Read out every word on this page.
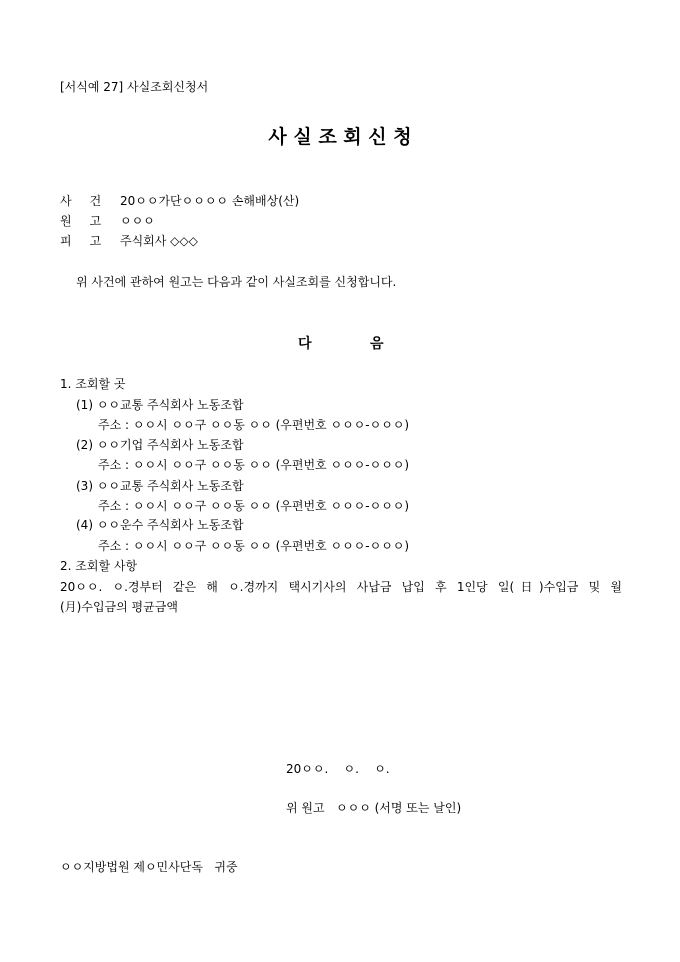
[서식예 27] 사실조회신청서
사 실 조 회 신 청
사 건 20ㅇㅇ가단ㅇㅇㅇㅇ 손해배상(산)
원 고 ㅇㅇㅇ
피 고 주식회사 ◇◇◇
위 사건에 관하여 원고는 다음과 같이 사실조회를 신청합니다.
다	음
1. 조회할 곳
(1) ㅇㅇ교통 주식회사 노동조합
주소 : ㅇㅇ시 ㅇㅇ구 ㅇㅇ동 ㅇㅇ (우편번호 ㅇㅇㅇ-ㅇㅇㅇ)
(2) ㅇㅇ기업 주식회사 노동조합
주소 : ㅇㅇ시 ㅇㅇ구 ㅇㅇ동 ㅇㅇ (우편번호 ㅇㅇㅇ-ㅇㅇㅇ)
(3) ㅇㅇ교통 주식회사 노동조합
주소 : ㅇㅇ시 ㅇㅇ구 ㅇㅇ동 ㅇㅇ (우편번호 ㅇㅇㅇ-ㅇㅇㅇ)
(4) ㅇㅇ운수 주식회사 노동조합
주소 : ㅇㅇ시 ㅇㅇ구 ㅇㅇ동 ㅇㅇ (우편번호 ㅇㅇㅇ-ㅇㅇㅇ)
2. 조회할 사항
20ㅇㅇ. ㅇ.경부터 같은 해 ㅇ.경까지 택시기사의 사납금 납입 후 1인당 일(日)수입금 및 월
(月)수입금의 평균금액
20ㅇㅇ.    ㅇ.    ㅇ.
위 원고   ㅇㅇㅇ (서명 또는 날인)
ㅇㅇ지방법원 제ㅇ민사단독   귀중
